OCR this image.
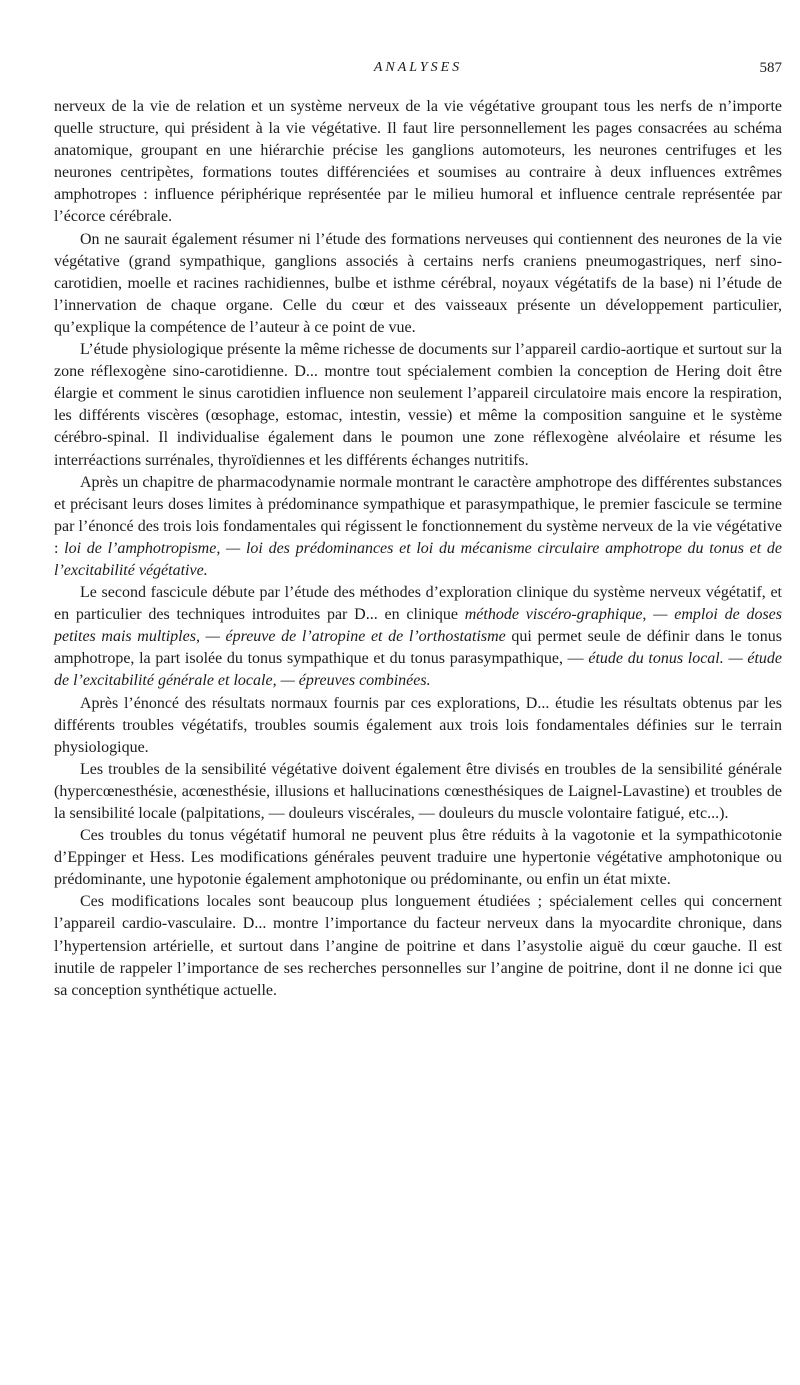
ANALYSES	587

nerveux de la vie de relation et un système nerveux de la vie végétative groupant tous les nerfs de n’importe quelle structure, qui président à la vie végétative. Il faut lire personnellement les pages consacrées au schéma anatomique, groupant en une hiérarchie précise les ganglions automoteurs, les neurones centrifuges et les neurones centripètes, formations toutes différenciées et soumises au contraire à deux influences extrêmes amphotropes : influence périphérique représentée par le milieu humoral et influence centrale représentée par l’écorce cérébrale.

On ne saurait également résumer ni l’étude des formations nerveuses qui contiennent des neurones de la vie végétative (grand sympathique, ganglions associés à certains nerfs craniens pneumogastriques, nerf sino-carotidien, moelle et racines rachidiennes, bulbe et isthme cérébral, noyaux végétatifs de la base) ni l’étude de l’innervation de chaque organe. Celle du cœur et des vaisseaux présente un développement particulier, qu’explique la compétence de l’auteur à ce point de vue.

L’étude physiologique présente la même richesse de documents sur l’appareil cardio-aortique et surtout sur la zone réflexogène sino-carotidienne. D... montre tout spécialement combien la conception de Hering doit être élargie et comment le sinus carotidien influence non seulement l’appareil circulatoire mais encore la respiration, les différents viscères (œsophage, estomac, intestin, vessie) et même la composition sanguine et le système cérébro-spinal. Il individualise également dans le poumon une zone réflexogène alvéolaire et résume les interréactions surrénales, thyroïdiennes et les différents échanges nutritifs.

Après un chapitre de pharmacodynamie normale montrant le caractère amphotrope des différentes substances et précisant leurs doses limites à prédominance sympathique et parasympathique, le premier fascicule se termine par l’énoncé des trois lois fondamentales qui régissent le fonctionnement du système nerveux de la vie végétative : loi de l’amphotropisme, — loi des prédominances et loi du mécanisme circulaire amphotrope du tonus et de l’excitabilité végétative.

Le second fascicule débute par l’étude des méthodes d’exploration clinique du système nerveux végétatif, et en particulier des techniques introduites par D... en clinique méthode viscéro-graphique, — emploi de doses petites mais multiples, — épreuve de l’atropine et de l’orthostatisme qui permet seule de définir dans le tonus amphotrope, la part isolée du tonus sympathique et du tonus parasympathique, — étude du tonus local. — étude de l’excitabilité générale et locale, — épreuves combinées.

Après l’énoncé des résultats normaux fournis par ces explorations, D... étudie les résultats obtenus par les différents troubles végétatifs, troubles soumis également aux trois lois fondamentales définies sur le terrain physiologique.

Les troubles de la sensibilité végétative doivent également être divisés en troubles de la sensibilité générale (hypercœnesthésie, acœnesthésie, illusions et hallucinations cœnesthésiques de Laignel-Lavastine) et troubles de la sensibilité locale (palpitations, — douleurs viscérales, — douleurs du muscle volontaire fatigué, etc...).

Ces troubles du tonus végétatif humoral ne peuvent plus être réduits à la vagotonie et la sympathicotonie d’Eppinger et Hess. Les modifications générales peuvent traduire une hypertonie végétative amphotonique ou prédominante, une hypotonie également amphotonique ou prédominante, ou enfin un état mixte.

Ces modifications locales sont beaucoup plus longuement étudiées ; spécialement celles qui concernent l’appareil cardio-vasculaire. D... montre l’importance du facteur nerveux dans la myocardite chronique, dans l’hypertension artérielle, et surtout dans l’angine de poitrine et dans l’asystolie aiguë du cœur gauche. Il est inutile de rappeler l’importance de ses recherches personnelles sur l’angine de poitrine, dont il ne donne ici que sa conception synthétique actuelle.
